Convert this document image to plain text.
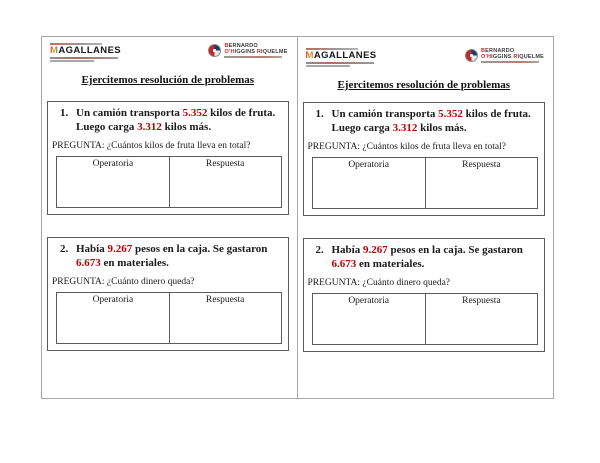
MAGALLANES	BERNARDO
O'HIGGINS RIQUELME
Ejercitemos resolución de problemas
1. Un camión transporta 5.352 kilos de fruta.
Luego carga 3.312 kilos más.
PREGUNTA: ¿Cuántos kilos de fruta lleva en total?
Operatoria	Respuesta
2. Había 9.267 pesos en la caja. Se gastaron
6.673 en materiales.
PREGUNTA: ¿Cuánto dinero queda?
Operatoria	Respuesta
MAGALLANES	BERNARDO
O'HIGGINS RIQUELME
Ejercitemos resolución de problemas
1. Un camión transporta 5.352 kilos de fruta.
Luego carga 3.312 kilos más.
PREGUNTA: ¿Cuántos kilos de fruta lleva en total?
Operatoria	Respuesta
2. Había 9.267 pesos en la caja. Se gastaron
6.673 en materiales.
PREGUNTA: ¿Cuánto dinero queda?
Operatoria	Respuesta
